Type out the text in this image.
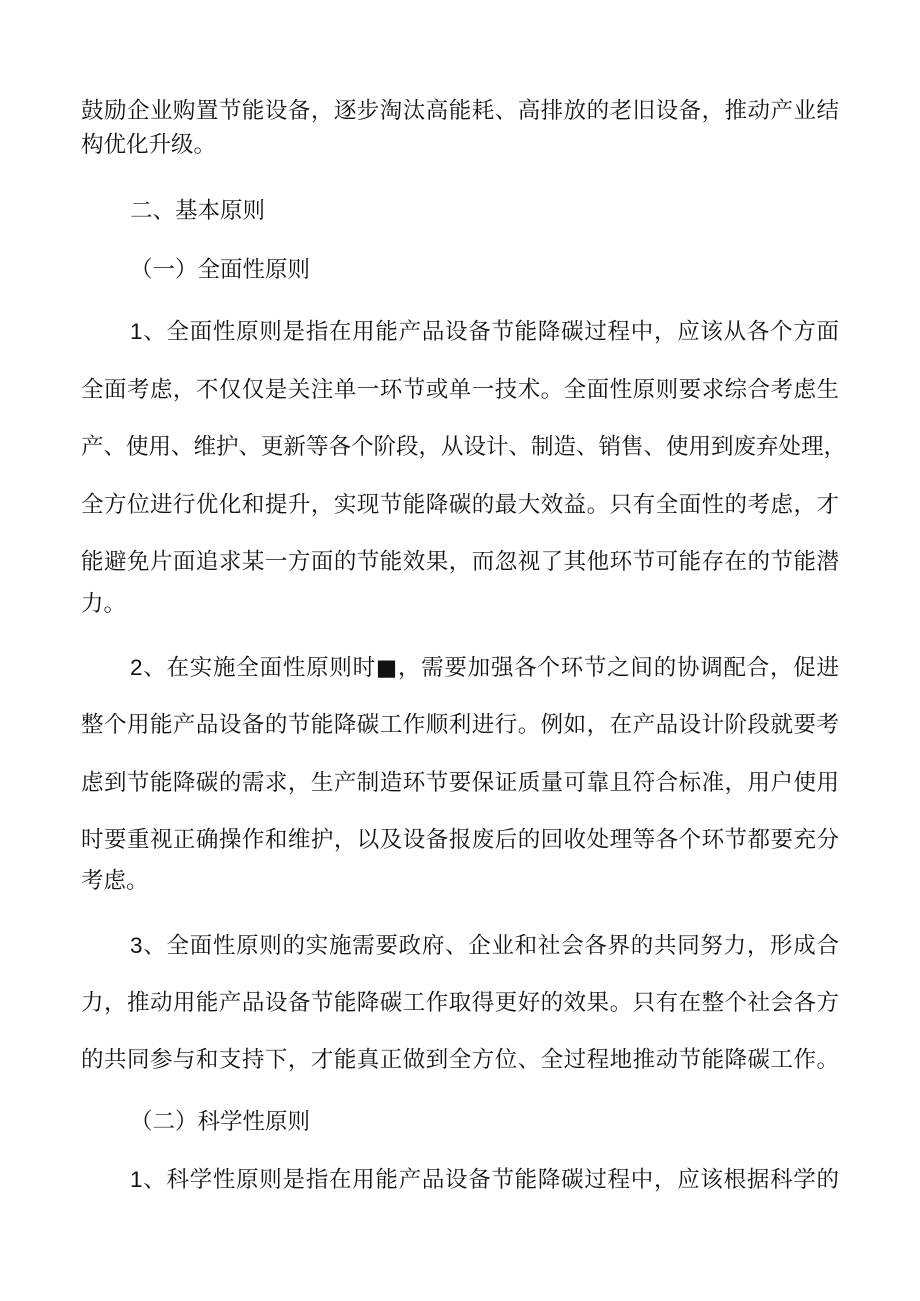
鼓励企业购置节能设备，逐步淘汰高能耗、高排放的老旧设备，推动产业结

构优化升级。

二、基本原则

（一）全面性原则

1、全面性原则是指在用能产品设备节能降碳过程中，应该从各个方面

全面考虑，不仅仅是关注单一环节或单一技术。全面性原则要求综合考虑生

产、使用、维护、更新等各个阶段，从设计、制造、销售、使用到废弃处理，

全方位进行优化和提升，实现节能降碳的最大效益。只有全面性的考虑，才

能避免片面追求某一方面的节能效果，而忽视了其他环节可能存在的节能潜

力。

2、在实施全面性原则时■，需要加强各个环节之间的协调配合，促进

整个用能产品设备的节能降碳工作顺利进行。例如，在产品设计阶段就要考

虑到节能降碳的需求，生产制造环节要保证质量可靠且符合标准，用户使用

时要重视正确操作和维护，以及设备报废后的回收处理等各个环节都要充分

考虑。

3、全面性原则的实施需要政府、企业和社会各界的共同努力，形成合

力，推动用能产品设备节能降碳工作取得更好的效果。只有在整个社会各方

的共同参与和支持下，才能真正做到全方位、全过程地推动节能降碳工作。

（二）科学性原则

1、科学性原则是指在用能产品设备节能降碳过程中，应该根据科学的
